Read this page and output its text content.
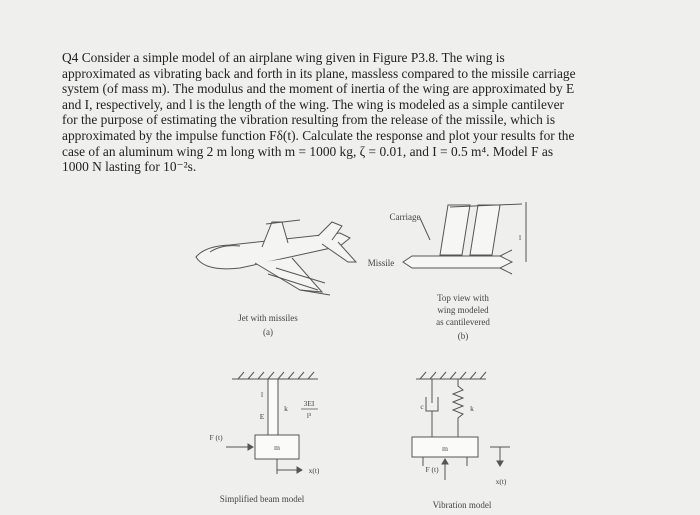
Q4 Consider a simple model of an airplane wing given in Figure P3.8. The wing is
approximated as vibrating back and forth in its plane, massless compared to the missile carriage
system (of mass m). The modulus and the moment of inertia of the wing are approximated by E
and I, respectively, and l is the length of the wing. The wing is modeled as a simple cantilever
for the purpose of estimating the vibration resulting from the release of the missile, which is
approximated by the impulse function Fδ(t). Calculate the response and plot your results for the
case of an aluminum wing 2 m long with m = 1000 kg, ζ = 0.01, and I = 0.5 m⁴. Model F as
1000 N lasting for 10⁻²s.
Jet with missiles
(a)
Carriage
Missile
l
Top view with
wing modeled
as cantilevered
(b)
l
E
k
3EI
l³
m
F (t)
x(t)
Simplified beam model
c	k
m
F (t)
x(t)
Vibration model
